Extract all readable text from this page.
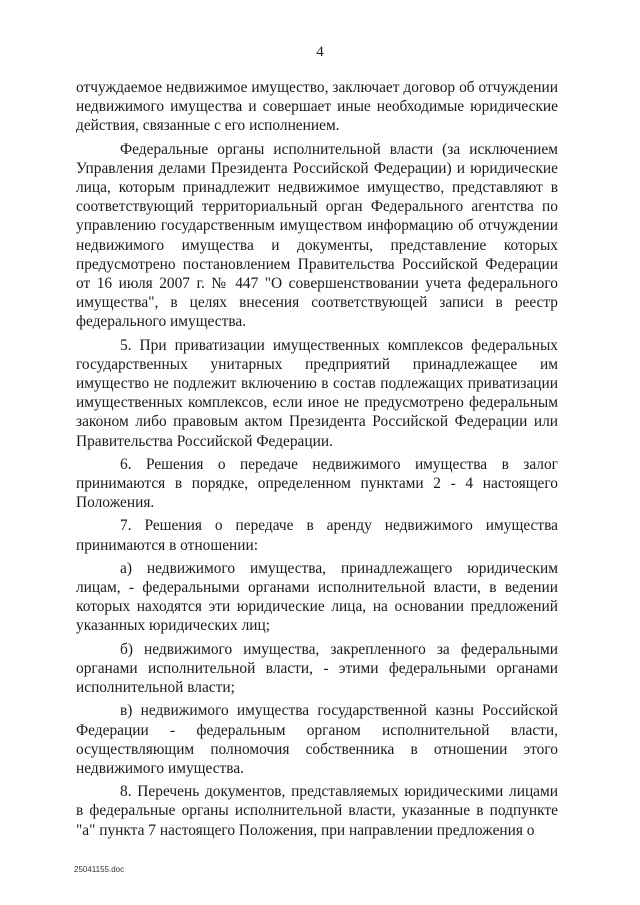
4

отчуждаемое недвижимое имущество, заключает договор об отчуждении недвижимого имущества и совершает иные необходимые юридические действия, связанные с его исполнением.

Федеральные органы исполнительной власти (за исключением Управления делами Президента Российской Федерации) и юридические лица, которым принадлежит недвижимое имущество, представляют в соответствующий территориальный орган Федерального агентства по управлению государственным имуществом информацию об отчуждении недвижимого имущества и документы, представление которых предусмотрено постановлением Правительства Российской Федерации от 16 июля 2007 г. № 447 "О совершенствовании учета федерального имущества", в целях внесения соответствующей записи в реестр федерального имущества.

5. При приватизации имущественных комплексов федеральных государственных унитарных предприятий принадлежащее им имущество не подлежит включению в состав подлежащих приватизации имущественных комплексов, если иное не предусмотрено федеральным законом либо правовым актом Президента Российской Федерации или Правительства Российской Федерации.

6. Решения о передаче недвижимого имущества в залог принимаются в порядке, определенном пунктами 2 - 4 настоящего Положения.

7. Решения о передаче в аренду недвижимого имущества принимаются в отношении:

а) недвижимого имущества, принадлежащего юридическим лицам, - федеральными органами исполнительной власти, в ведении которых находятся эти юридические лица, на основании предложений указанных юридических лиц;

б) недвижимого имущества, закрепленного за федеральными органами исполнительной власти, - этими федеральными органами исполнительной власти;

в) недвижимого имущества государственной казны Российской Федерации - федеральным органом исполнительной власти, осуществляющим полномочия собственника в отношении этого недвижимого имущества.

8. Перечень документов, представляемых юридическими лицами в федеральные органы исполнительной власти, указанные в подпункте "а" пункта 7 настоящего Положения, при направлении предложения о

25041155.doc
